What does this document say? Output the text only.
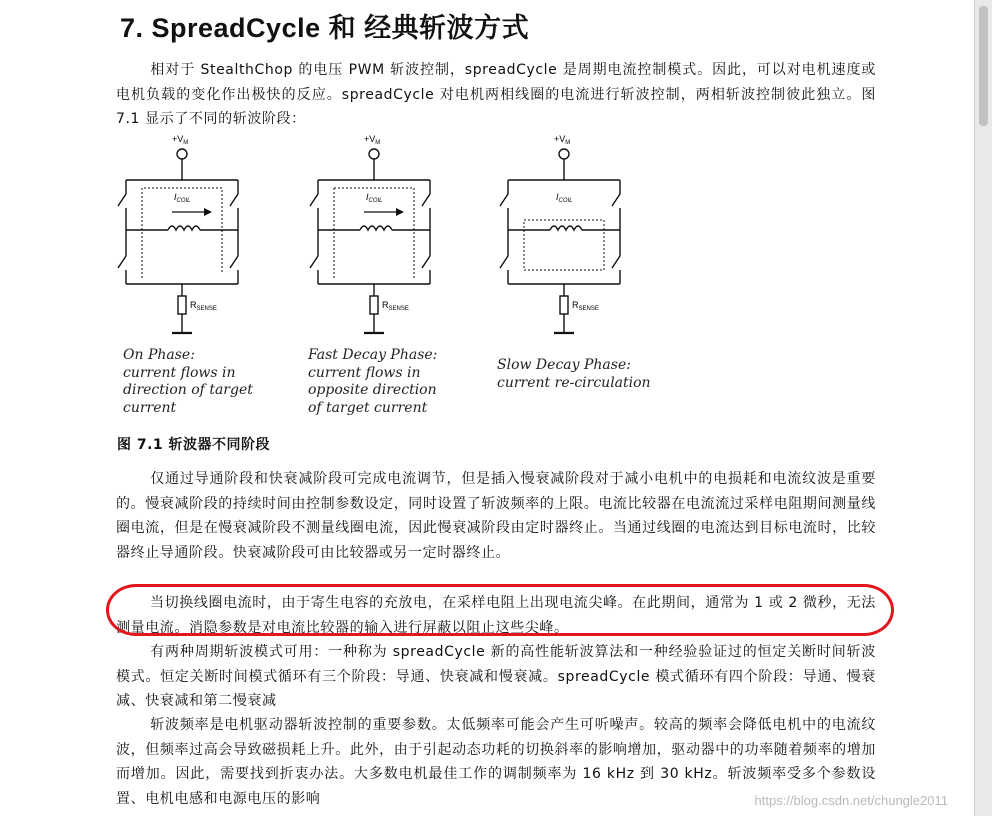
7. SpreadCycle 和 经典斩波方式

相对于 StealthChop 的电压 PWM 斩波控制，spreadCycle 是周期电流控制模式。因此，可以对电机速度或电机负载的变化作出极快的反应。spreadCycle 对电机两相线圈的电流进行斩波控制，两相斩波控制彼此独立。图 7.1 显示了不同的斩波阶段：

$+V_M$
$R_{SENSE}$
$I_{COIL}$
$+V_M$
$R_{SENSE}$
$I_{COIL}$
$+V_M$
$R_{SENSE}$
$I_{COIL}$
On Phase:
current flows in
direction of target
current
Fast Decay Phase:
current flows in
opposite direction
of target current
Slow Decay Phase:
current re-circulation

图 7.1 斩波器不同阶段

仅通过导通阶段和快衰减阶段可完成电流调节，但是插入慢衰减阶段对于减小电机中的电损耗和电流纹波是重要的。慢衰减阶段的持续时间由控制参数设定，同时设置了斩波频率的上限。电流比较器在电流流过采样电阻期间测量线圈电流，但是在慢衰减阶段不测量线圈电流，因此慢衰减阶段由定时器终止。当通过线圈的电流达到目标电流时，比较器终止导通阶段。快衰减阶段可由比较器或另一定时器终止。

当切换线圈电流时，由于寄生电容的充放电，在采样电阻上出现电流尖峰。在此期间，通常为 1 或 2 微秒，无法测量电流。消隐参数是对电流比较器的输入进行屏蔽以阻止这些尖峰。

有两种周期斩波模式可用：一种称为 spreadCycle 新的高性能斩波算法和一种经验验证过的恒定关断时间斩波模式。恒定关断时间模式循环有三个阶段：导通、快衰减和慢衰减。spreadCycle 模式循环有四个阶段：导通、慢衰减、快衰减和第二慢衰减

斩波频率是电机驱动器斩波控制的重要参数。太低频率可能会产生可听噪声。较高的频率会降低电机中的电流纹波，但频率过高会导致磁损耗上升。此外，由于引起动态功耗的切换斜率的影响增加，驱动器中的功率随着频率的增加而增加。因此，需要找到折衷办法。大多数电机最佳工作的调制频率为 16 kHz 到 30 kHz。斩波频率受多个参数设置、电机电感和电源电压的影响	https://blog.csdn.net/chungle2011
